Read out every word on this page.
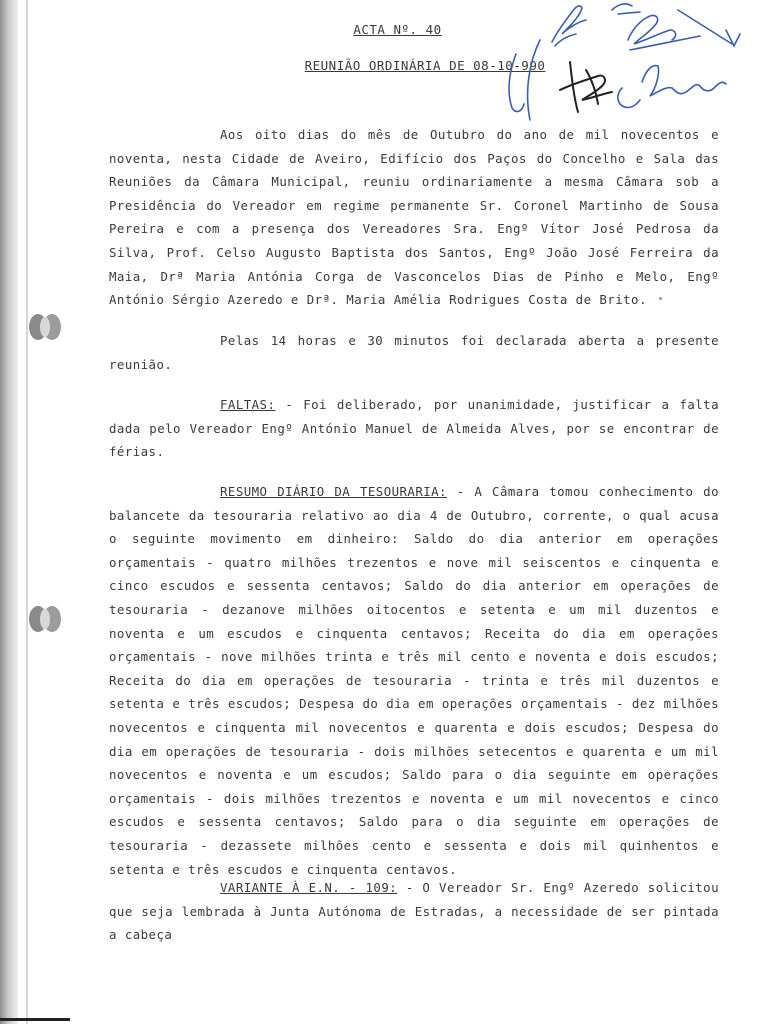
ACTA Nº. 40
REUNIÃO ORDINÁRIA DE 08-10-990
Aos oito dias do mês de Outubro do ano de mil novecentos e noventa, nesta Cidade de Aveiro, Edifício dos Paços do Concelho e Sala das Reuniões da Câmara Municipal, reuniu ordinariamente a mesma Câmara sob a Presidência do Vereador em regime permanente Sr. Coronel Martinho de Sousa Pereira e com a presença dos Vereadores Sra. Engº Vítor José Pedrosa da Silva, Prof. Celso Augusto Baptista dos Santos, Engº João José Ferreira da Maia, Drª Maria Antónia Corga de Vasconcelos Dias de Pinho e Melo, Engº António Sérgio Azeredo e Drª. Maria Amélia Rodrigues Costa de Brito.
Pelas 14 horas e 30 minutos foi declarada aberta a presente reunião.
FALTAS: - Foi deliberado, por unanimidade, justificar a falta dada pelo Vereador Engº António Manuel de Almeida Alves, por se encontrar de férias.
RESUMO DIÁRIO DA TESOURARIA: - A Câmara tomou conhecimento do balancete da tesouraria relativo ao dia 4 de Outubro, corrente, o qual acusa o seguinte movimento em dinheiro: Saldo do dia anterior em operações orçamentais - quatro milhões trezentos e nove mil seiscentos e cinquenta e cinco escudos e sessenta centavos; Saldo do dia anterior em operações de tesouraria - dezanove milhões oitocentos e setenta e um mil duzentos e noventa e um escudos e cinquenta centavos; Receita do dia em operações orçamentais - nove milhões trinta e três mil cento e noventa e dois escudos; Receita do dia em operações de tesouraria - trinta e três mil duzentos e setenta e três escudos; Despesa do dia em operações orçamentais - dez milhões novecentos e cinquenta mil novecentos e quarenta e dois escudos; Despesa do dia em operações de tesouraria - dois milhões setecentos e quarenta e um mil novecentos e noventa e um escudos; Saldo para o dia seguinte em operações orçamentais - dois milhões trezentos e noventa e um mil novecentos e cinco escudos e sessenta centavos; Saldo para o dia seguinte em operações de tesouraria - dezassete milhões cento e sessenta e dois mil quinhentos e setenta e três escudos e cinquenta centavos.
VARIANTE À E.N. - 109: - O Vereador Sr. Engº Azeredo solicitou que seja lembrada à Junta Autónoma de Estradas, a necessidade de ser pintada a cabeça
